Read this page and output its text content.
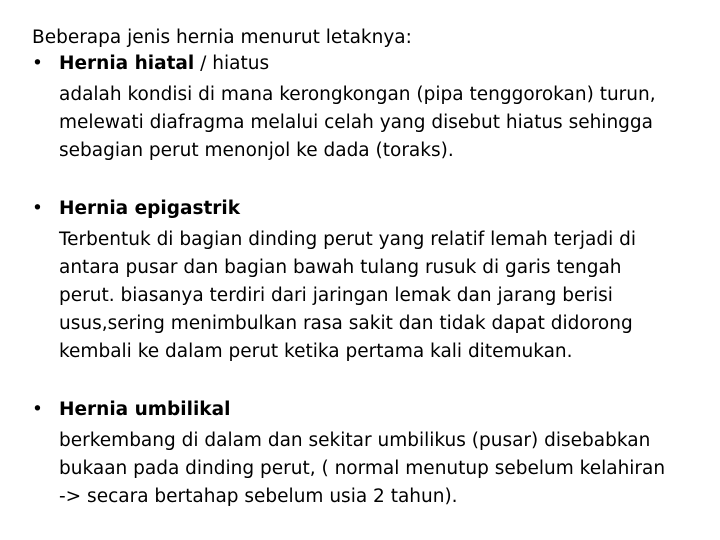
Beberapa jenis hernia menurut letaknya:
• Hernia hiatal / hiatus
adalah kondisi di mana kerongkongan (pipa tenggorokan) turun,
melewati diafragma melalui celah yang disebut hiatus sehingga
sebagian perut menonjol ke dada (toraks).
• Hernia epigastrik
Terbentuk di bagian dinding perut yang relatif lemah terjadi di
antara pusar dan bagian bawah tulang rusuk di garis tengah
perut. biasanya terdiri dari jaringan lemak dan jarang berisi
usus,sering menimbulkan rasa sakit dan tidak dapat didorong
kembali ke dalam perut ketika pertama kali ditemukan.
• Hernia umbilikal
berkembang di dalam dan sekitar umbilikus (pusar) disebabkan
bukaan pada dinding perut, ( normal menutup sebelum kelahiran
-> secara bertahap sebelum usia 2 tahun).
